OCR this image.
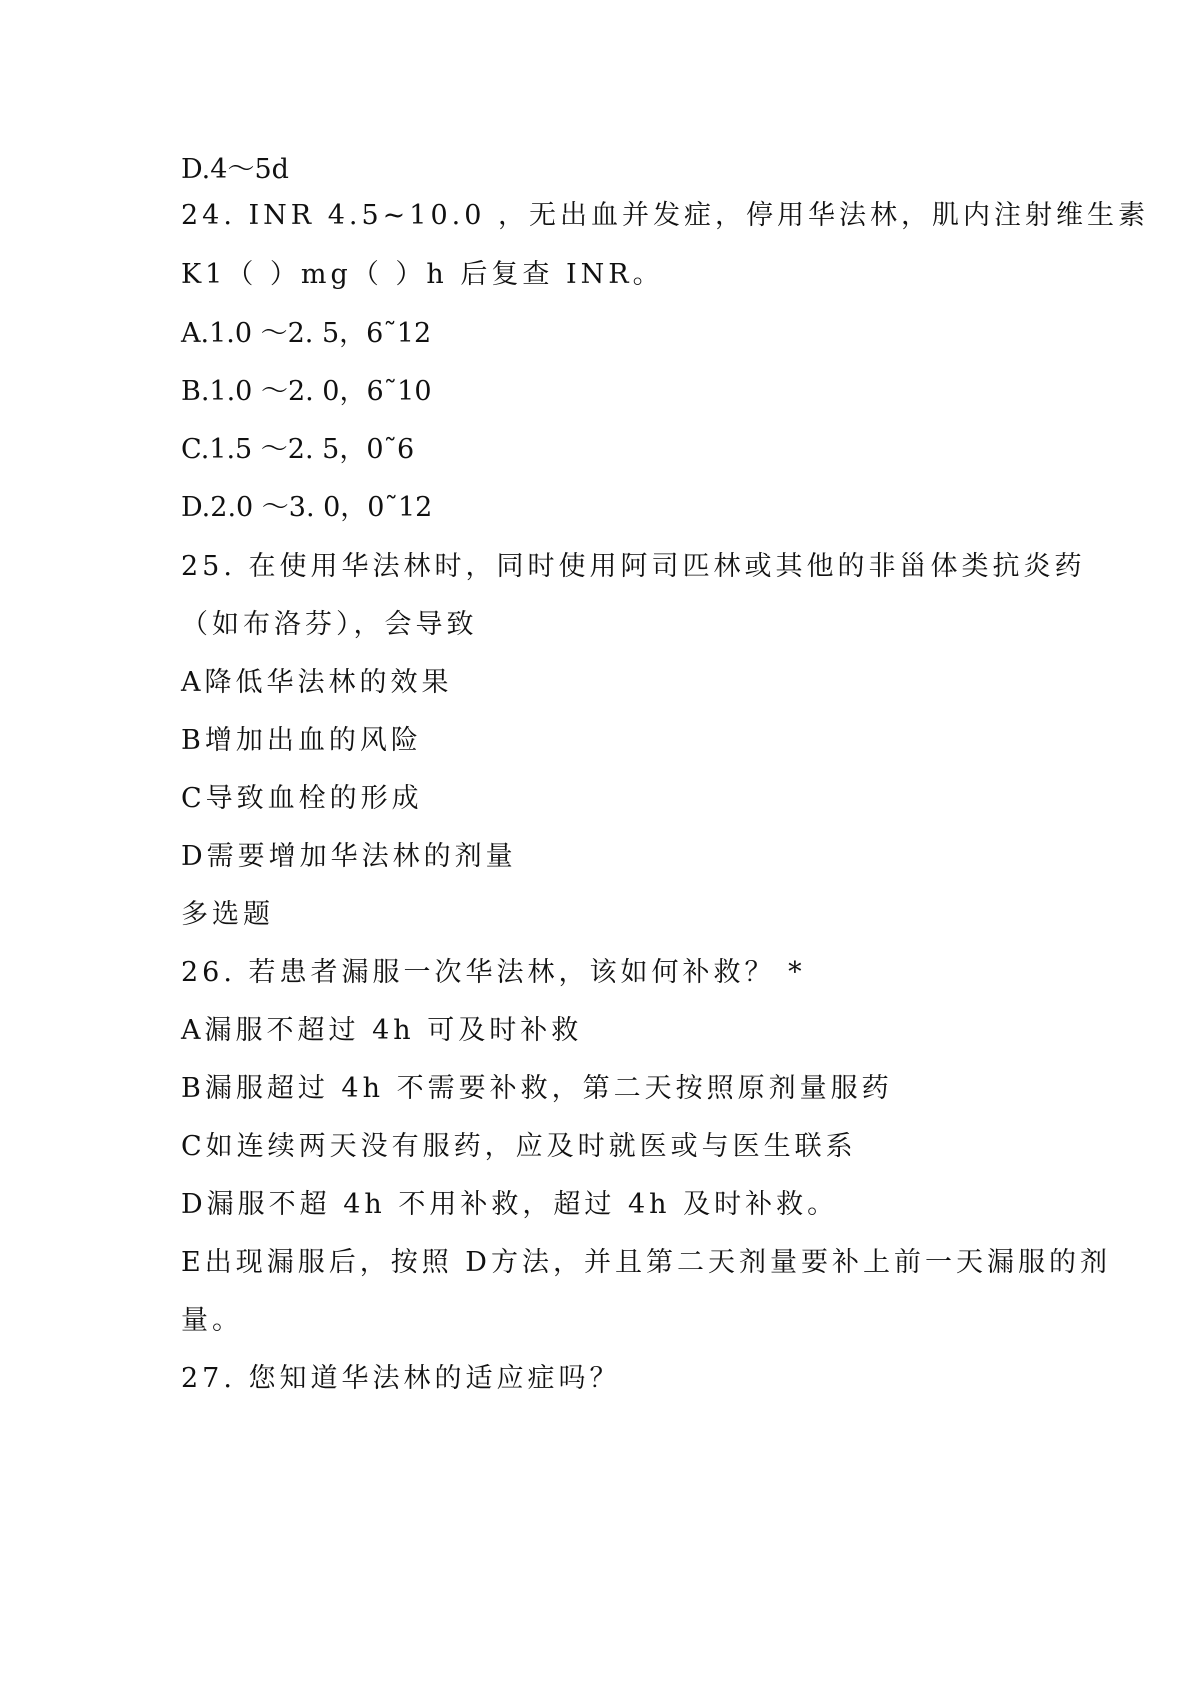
D.4～5d
24. INR 4.5~10.0 ，无出血并发症，停用华法林，肌内注射维生素
K1（ ）mg（ ）h 后复查 INR。
A.1.0 ～2. 5，6˜12
B.1.0 ～2. 0，6˜10
C.1.5 ～2. 5，0˜6
D.2.0 ～3. 0，0˜12
25. 在使用华法林时，同时使用阿司匹林或其他的非甾体类抗炎药
（如布洛芬），会导致
A降低华法林的效果
B增加出血的风险
C导致血栓的形成
D需要增加华法林的剂量
多选题
26. 若患者漏服一次华法林，该如何补救？ *
A漏服不超过 4h 可及时补救
B漏服超过 4h 不需要补救，第二天按照原剂量服药
C如连续两天没有服药，应及时就医或与医生联系
D漏服不超 4h 不用补救，超过 4h 及时补救。
E出现漏服后，按照 D方法，并且第二天剂量要补上前一天漏服的剂
量。
27. 您知道华法林的适应症吗？
